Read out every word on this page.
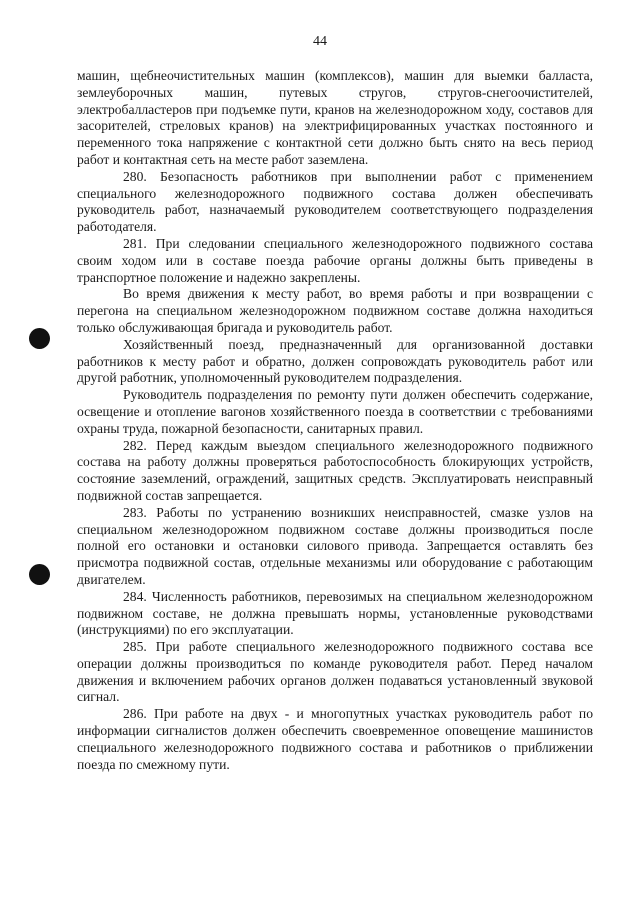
44

машин, щебнеочистительных машин (комплексов), машин для выемки балласта, землеуборочных машин, путевых стругов, стругов-снегоочистителей, электробалластеров при подъемке пути, кранов на железнодорожном ходу, составов для засорителей, стреловых кранов) на электрифицированных участках постоянного и переменного тока напряжение с контактной сети должно быть снято на весь период работ и контактная сеть на месте работ заземлена.

280. Безопасность работников при выполнении работ с применением специального железнодорожного подвижного состава должен обеспечивать руководитель работ, назначаемый руководителем соответствующего подразделения работодателя.

281. При следовании специального железнодорожного подвижного состава своим ходом или в составе поезда рабочие органы должны быть приведены в транспортное положение и надежно закреплены.

Во время движения к месту работ, во время работы и при возвращении с перегона на специальном железнодорожном подвижном составе должна находиться только обслуживающая бригада и руководитель работ.

Хозяйственный поезд, предназначенный для организованной доставки работников к месту работ и обратно, должен сопровождать руководитель работ или другой работник, уполномоченный руководителем подразделения.

Руководитель подразделения по ремонту пути должен обеспечить содержание, освещение и отопление вагонов хозяйственного поезда в соответствии с требованиями охраны труда, пожарной безопасности, санитарных правил.

282. Перед каждым выездом специального железнодорожного подвижного состава на работу должны проверяться работоспособность блокирующих устройств, состояние заземлений, ограждений, защитных средств. Эксплуатировать неисправный подвижной состав запрещается.

283. Работы по устранению возникших неисправностей, смазке узлов на специальном железнодорожном подвижном составе должны производиться после полной его остановки и остановки силового привода. Запрещается оставлять без присмотра подвижной состав, отдельные механизмы или оборудование с работающим двигателем.

284. Численность работников, перевозимых на специальном железнодорожном подвижном составе, не должна превышать нормы, установленные руководствами (инструкциями) по его эксплуатации.

285. При работе специального железнодорожного подвижного состава все операции должны производиться по команде руководителя работ. Перед началом движения и включением рабочих органов должен подаваться установленный звуковой сигнал.

286. При работе на двух - и многопутных участках руководитель работ по информации сигналистов должен обеспечить своевременное оповещение машинистов специального железнодорожного подвижного состава и работников о приближении поезда по смежному пути.
